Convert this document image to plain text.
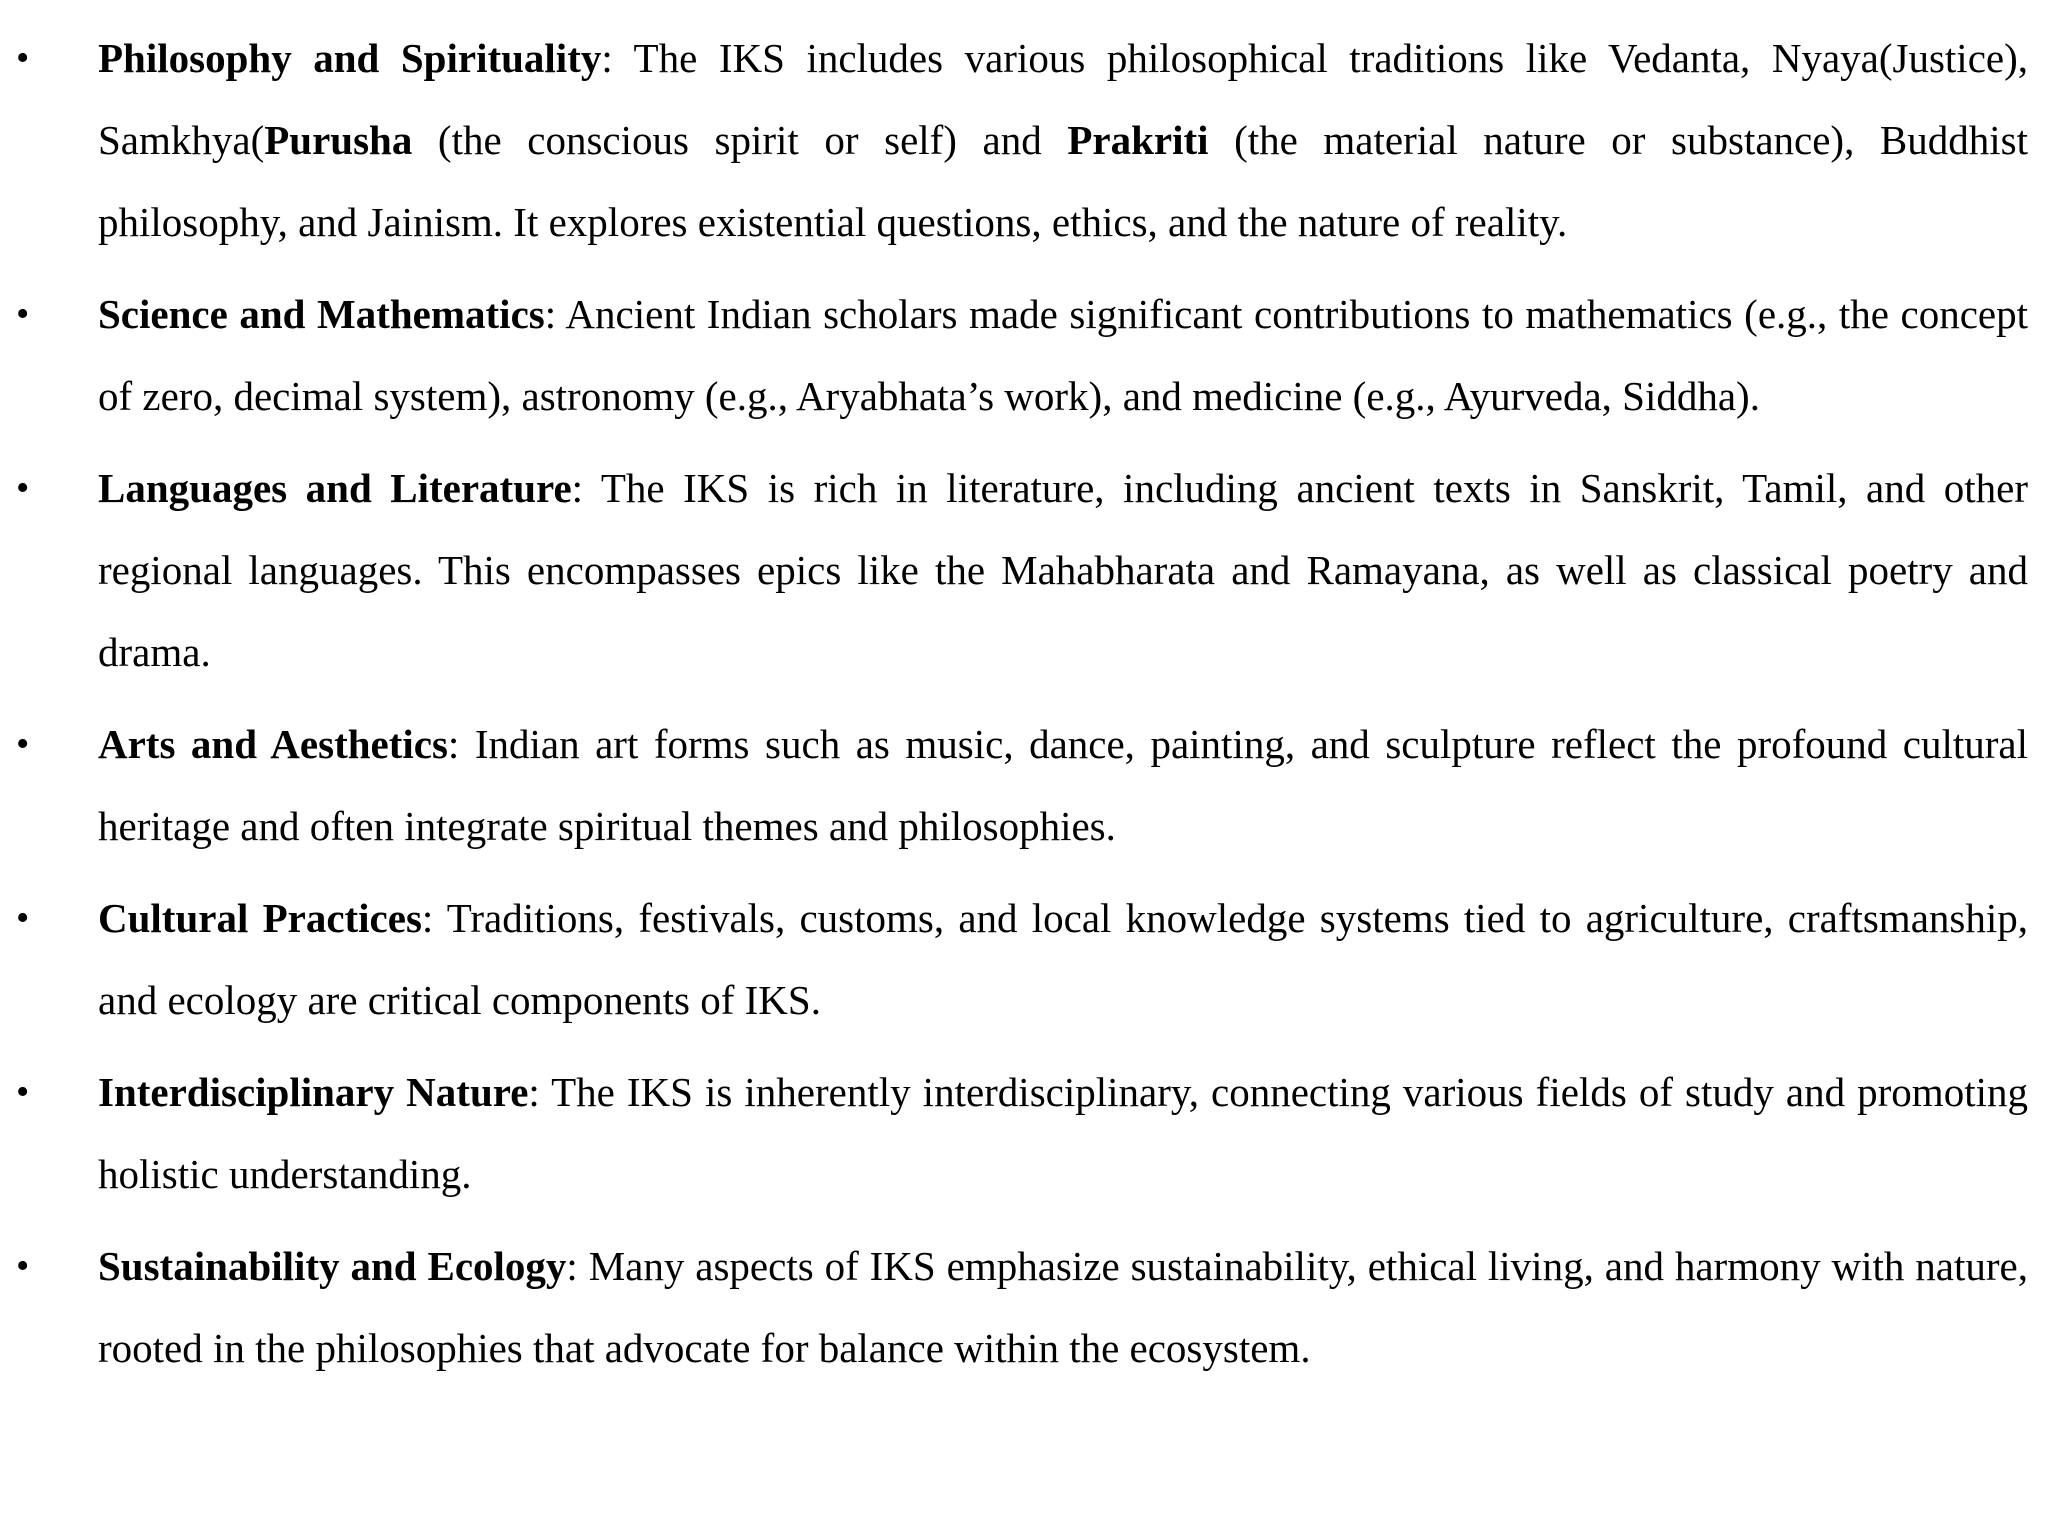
•	Philosophy and Spirituality: The IKS includes various philosophical traditions like Vedanta, Nyaya(Justice), Samkhya(Purusha (the conscious spirit or self) and Prakriti (the material nature or substance), Buddhist philosophy, and Jainism. It explores existential questions, ethics, and the nature of reality.
•	Science and Mathematics: Ancient Indian scholars made significant contributions to mathematics (e.g., the concept of zero, decimal system), astronomy (e.g., Aryabhata’s work), and medicine (e.g., Ayurveda, Siddha).
•	Languages and Literature: The IKS is rich in literature, including ancient texts in Sanskrit, Tamil, and other regional languages. This encompasses epics like the Mahabharata and Ramayana, as well as classical poetry and drama.
•	Arts and Aesthetics: Indian art forms such as music, dance, painting, and sculpture reflect the profound cultural heritage and often integrate spiritual themes and philosophies.
•	Cultural Practices: Traditions, festivals, customs, and local knowledge systems tied to agriculture, craftsmanship, and ecology are critical components of IKS.
•	Interdisciplinary Nature: The IKS is inherently interdisciplinary, connecting various fields of study and promoting holistic understanding.
•	Sustainability and Ecology: Many aspects of IKS emphasize sustainability, ethical living, and harmony with nature, rooted in the philosophies that advocate for balance within the ecosystem.
